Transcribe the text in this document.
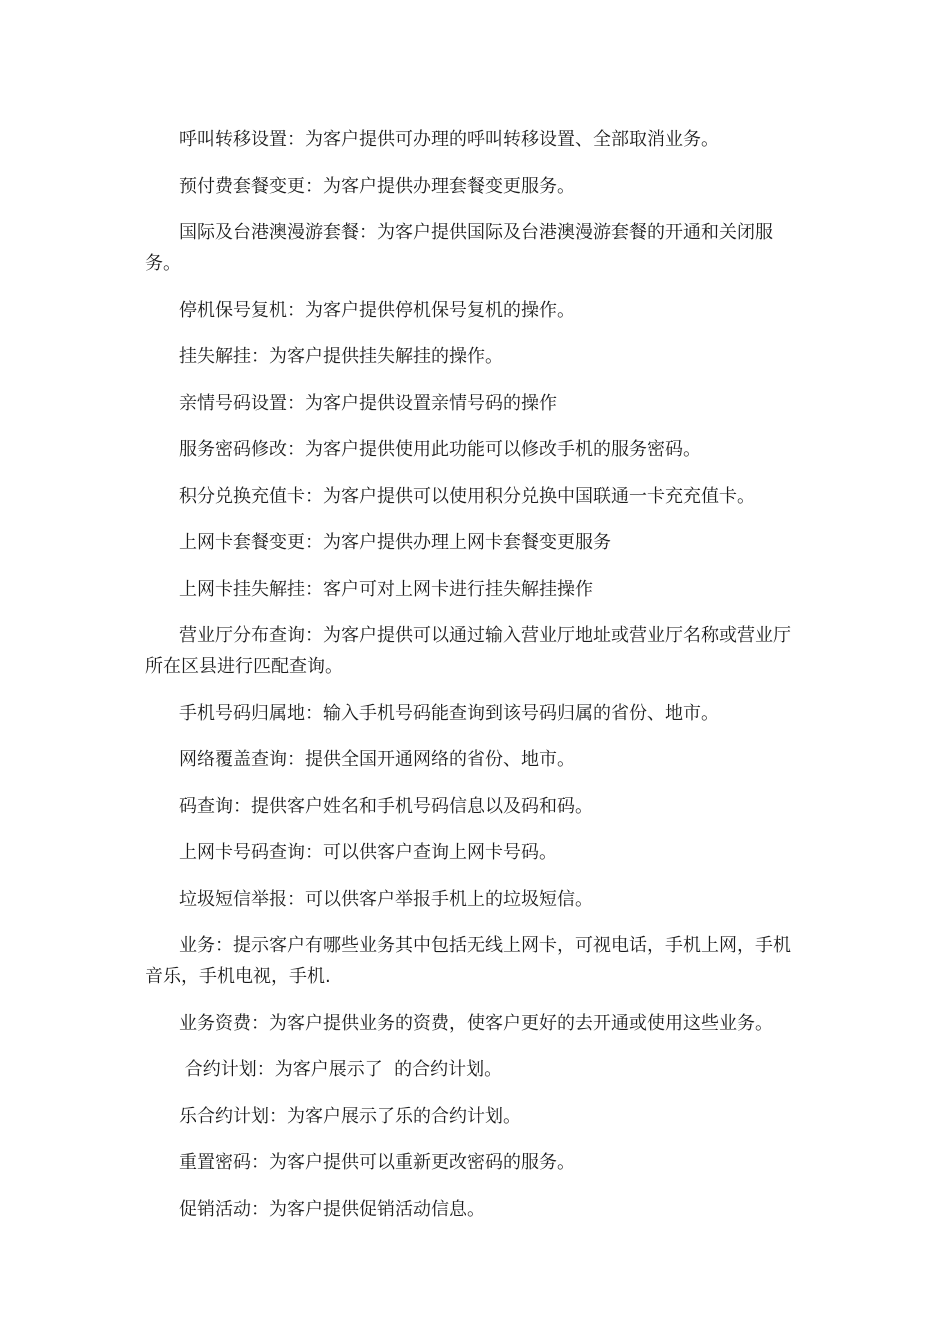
呼叫转移设置：为客户提供可办理的呼叫转移设置、全部取消业务。

预付费套餐变更：为客户提供办理套餐变更服务。

国际及台港澳漫游套餐：为客户提供国际及台港澳漫游套餐的开通和关闭服务。

停机保号复机：为客户提供停机保号复机的操作。

挂失解挂：为客户提供挂失解挂的操作。

亲情号码设置：为客户提供设置亲情号码的操作

服务密码修改：为客户提供使用此功能可以修改手机的服务密码。

积分兑换充值卡：为客户提供可以使用积分兑换中国联通一卡充充值卡。

上网卡套餐变更：为客户提供办理上网卡套餐变更服务

上网卡挂失解挂：客户可对上网卡进行挂失解挂操作

营业厅分布查询：为客户提供可以通过输入营业厅地址或营业厅名称或营业厅所在区县进行匹配查询。

手机号码归属地：输入手机号码能查询到该号码归属的省份、地市。

网络覆盖查询：提供全国开通网络的省份、地市。

码查询：提供客户姓名和手机号码信息以及码和码。

上网卡号码查询：可以供客户查询上网卡号码。

垃圾短信举报：可以供客户举报手机上的垃圾短信。

业务：提示客户有哪些业务其中包括无线上网卡，可视电话，手机上网，手机音乐，手机电视，手机.

业务资费：为客户提供业务的资费，使客户更好的去开通或使用这些业务。

合约计划：为客户展示了  的合约计划。

乐合约计划：为客户展示了乐的合约计划。

重置密码：为客户提供可以重新更改密码的服务。

促销活动：为客户提供促销活动信息。
